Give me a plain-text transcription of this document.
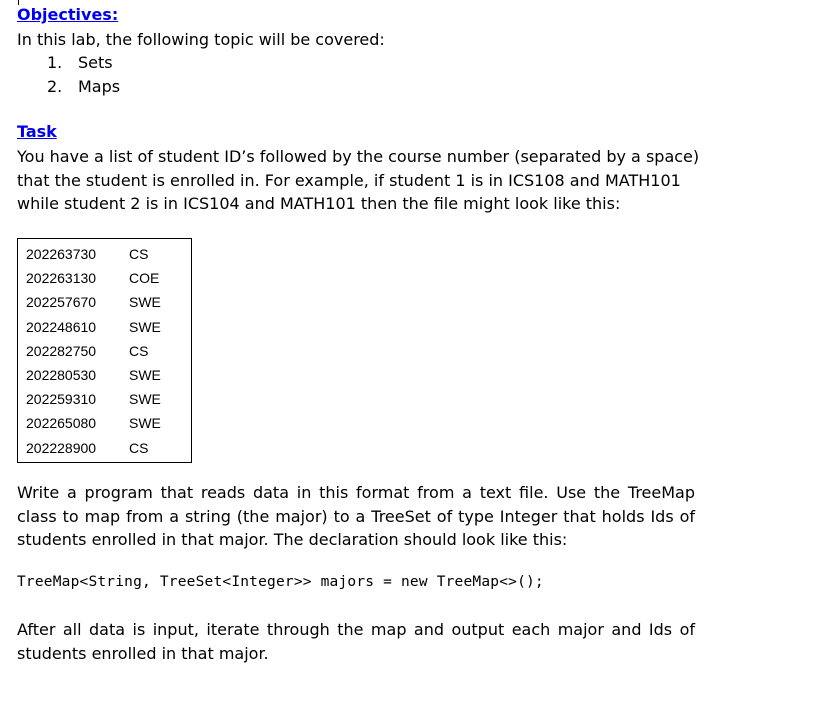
Objectives:
In this lab, the following topic will be covered:
1. Sets
2. Maps
Task
You have a list of student ID’s followed by the course number (separated by a space)
that the student is enrolled in. For example, if student 1 is in ICS108 and MATH101
while student 2 is in ICS104 and MATH101 then the file might look like this:
202263730 CS
202263130 COE
202257670 SWE
202248610 SWE
202282750 CS
202280530 SWE
202259310 SWE
202265080 SWE
202228900 CS
Write a program that reads data in this format from a text file. Use the TreeMap class to map from a string (the major) to a TreeSet of type Integer that holds Ids of students enrolled in that major. The declaration should look like this:
TreeMap<String, TreeSet<Integer>> majors = new TreeMap<>();
After all data is input, iterate through the map and output each major and Ids of students enrolled in that major.
